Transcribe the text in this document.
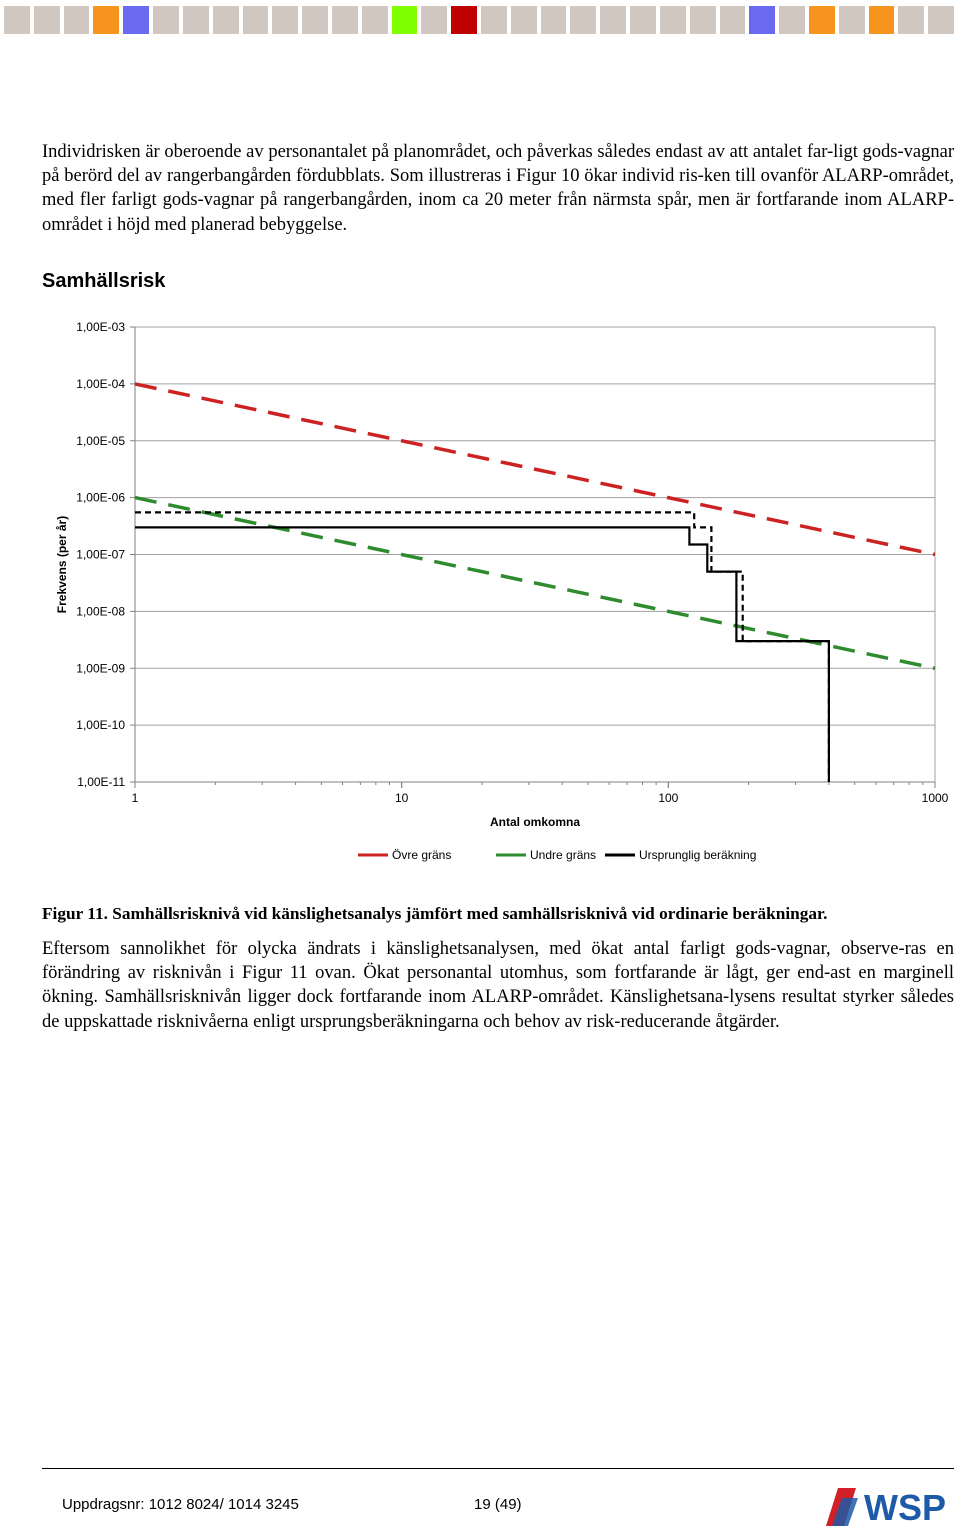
Individrisken är oberoende av personantalet på planområdet, och påverkas således endast av att antalet far-ligt gods-vagnar på berörd del av rangerbangården fördubblats. Som illustreras i Figur 10 ökar individ ris-ken till ovanför ALARP-området, med fler farligt gods-vagnar på rangerbangården, inom ca 20 meter från närmsta spår, men är fortfarande inom ALARP-området i höjd med planerad bebyggelse.

Samhällsrisk
1,00E-03
1,00E-04
1,00E-05
1,00E-06
1,00E-07
1,00E-08
1,00E-09
1,00E-10
1,00E-11
1	10	100	1000
Antal omkomna
Frekvens (per år)
Övre gräns	Undre gräns	Ursprunglig beräkning

Figur 11. Samhällsrisknivå vid känslighetsanalys jämfört med samhällsrisknivå vid ordinarie beräkningar.

Eftersom sannolikhet för olycka ändrats i känslighetsanalysen, med ökat antal farligt gods-vagnar, observe-ras en förändring av risknivån i Figur 11 ovan. Ökat personantal utomhus, som fortfarande är lågt, ger end-ast en marginell ökning. Samhällsrisknivån ligger dock fortfarande inom ALARP-området. Känslighetsana-lysens resultat styrker således de uppskattade risknivåerna enligt ursprungsberäkningarna och behov av risk-reducerande åtgärder.

Uppdragsnr: 1012 8024/ 1014 3245	19 (49)	WSP
